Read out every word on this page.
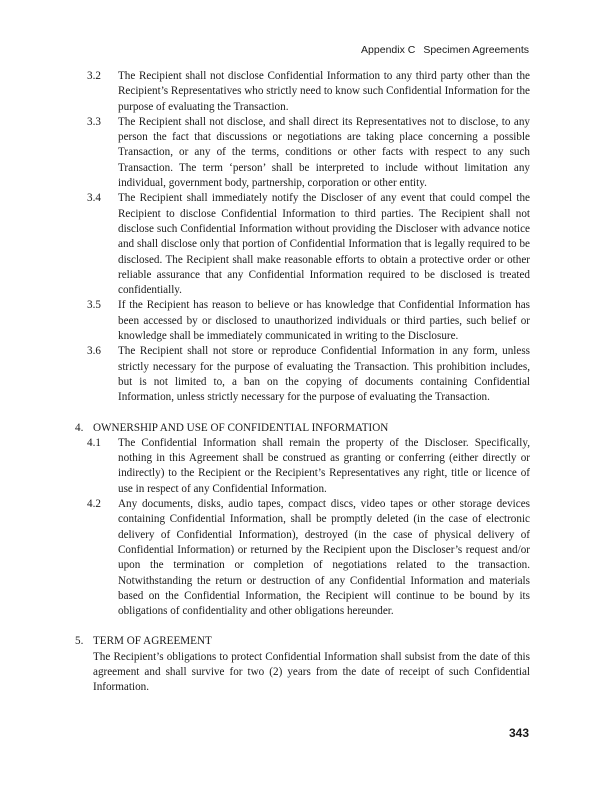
Appendix C Specimen Agreements
3.2 The Recipient shall not disclose Confidential Information to any third party other than the Recipient’s Representatives who strictly need to know such Confidential Information for the purpose of evaluating the Transaction.
3.3 The Recipient shall not disclose, and shall direct its Representatives not to disclose, to any person the fact that discussions or negotiations are taking place concerning a possible Transaction, or any of the terms, conditions or other facts with respect to any such Transaction. The term ‘person’ shall be interpreted to include without limitation any individual, government body, partnership, corporation or other entity.
3.4 The Recipient shall immediately notify the Discloser of any event that could compel the Recipient to disclose Confidential Information to third parties. The Recipient shall not disclose such Confidential Information without providing the Discloser with advance notice and shall disclose only that portion of Confidential Information that is legally required to be disclosed. The Recipient shall make reasonable efforts to obtain a protective order or other reliable assurance that any Confidential Information required to be disclosed is treated confidentially.
3.5 If the Recipient has reason to believe or has knowledge that Confidential Information has been accessed by or disclosed to unauthorized individuals or third parties, such belief or knowledge shall be immediately communicated in writing to the Disclosure.
3.6 The Recipient shall not store or reproduce Confidential Information in any form, unless strictly necessary for the purpose of evaluating the Transaction. This prohibition includes, but is not limited to, a ban on the copying of documents containing Confidential Information, unless strictly necessary for the purpose of evaluating the Transaction.
4. OWNERSHIP AND USE OF CONFIDENTIAL INFORMATION
4.1 The Confidential Information shall remain the property of the Discloser. Specifically, nothing in this Agreement shall be construed as granting or conferring (either directly or indirectly) to the Recipient or the Recipient’s Representatives any right, title or licence of use in respect of any Confidential Information.
4.2 Any documents, disks, audio tapes, compact discs, video tapes or other storage devices containing Confidential Information, shall be promptly deleted (in the case of electronic delivery of Confidential Information), destroyed (in the case of physical delivery of Confidential Information) or returned by the Recipient upon the Discloser’s request and/or upon the termination or completion of negotiations related to the transaction. Notwithstanding the return or destruction of any Confidential Information and materials based on the Confidential Information, the Recipient will continue to be bound by its obligations of confidentiality and other obligations hereunder.
5. TERM OF AGREEMENT
The Recipient’s obligations to protect Confidential Information shall subsist from the date of this agreement and shall survive for two (2) years from the date of receipt of such Confidential Information.
343
